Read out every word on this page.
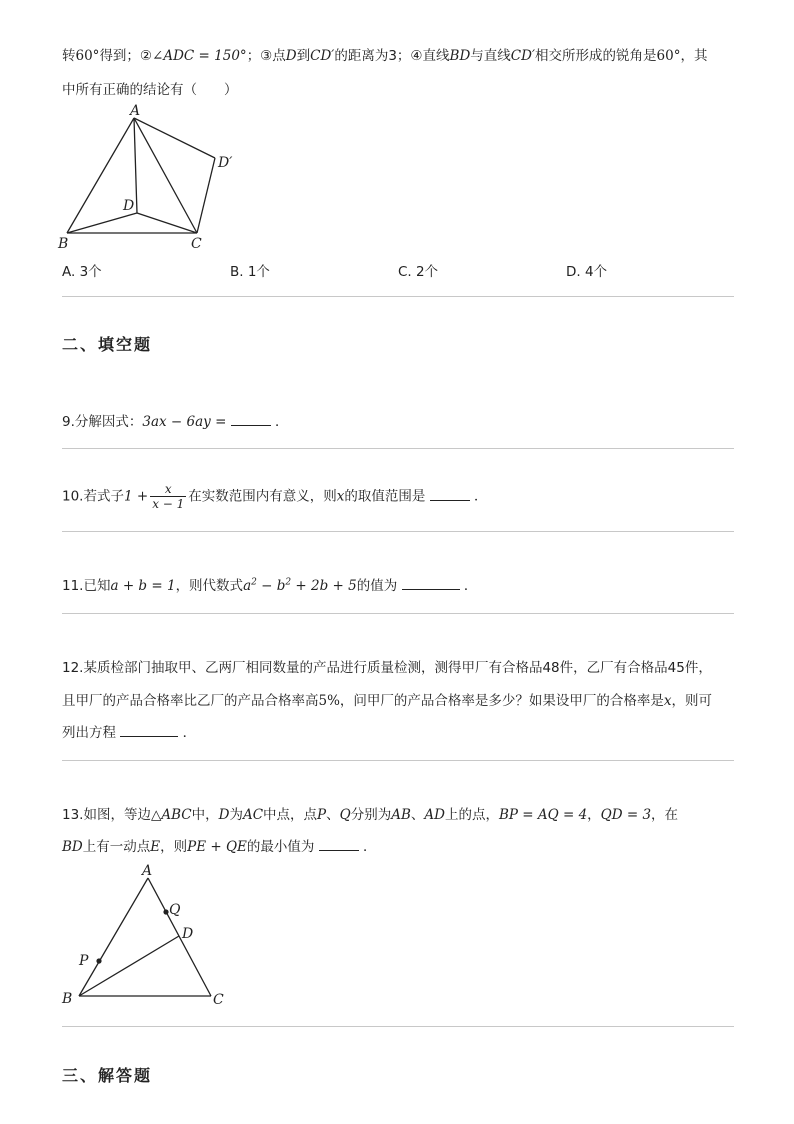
转60°得到；②∠ADC = 150°；③点D到CD′的距离为3；④直线BD与直线CD′相交所形成的锐角是60°，其
中所有正确的结论有（　　）
A
B	C
D
D′
A. 3个	B. 1个	C. 2个	D. 4个
二、填空题
9.分解因式：3ax − 6ay =	．
10.若式子$1 + \frac{x}{x - 1}$ 在实数范围内有意义，则x的取值范围是	．
11.已知a + b = 1，则代数式$a^2 - b^2 + 2b + 5$的值为	．
12.某质检部门抽取甲、乙两厂相同数量的产品进行质量检测，测得甲厂有合格品48件，乙厂有合格品45件，
且甲厂的产品合格率比乙厂的产品合格率高5%，问甲厂的产品合格率是多少？如果设甲厂的合格率是x，则可
列出方程	．
13.如图，等边△ABC中，D为AC中点，点P、Q分别为AB、AD上的点，BP = AQ = 4，QD = 3，在
BD上有一动点E，则PE + QE的最小值为	．
A
B	C
D
Q
P
三、解答题
